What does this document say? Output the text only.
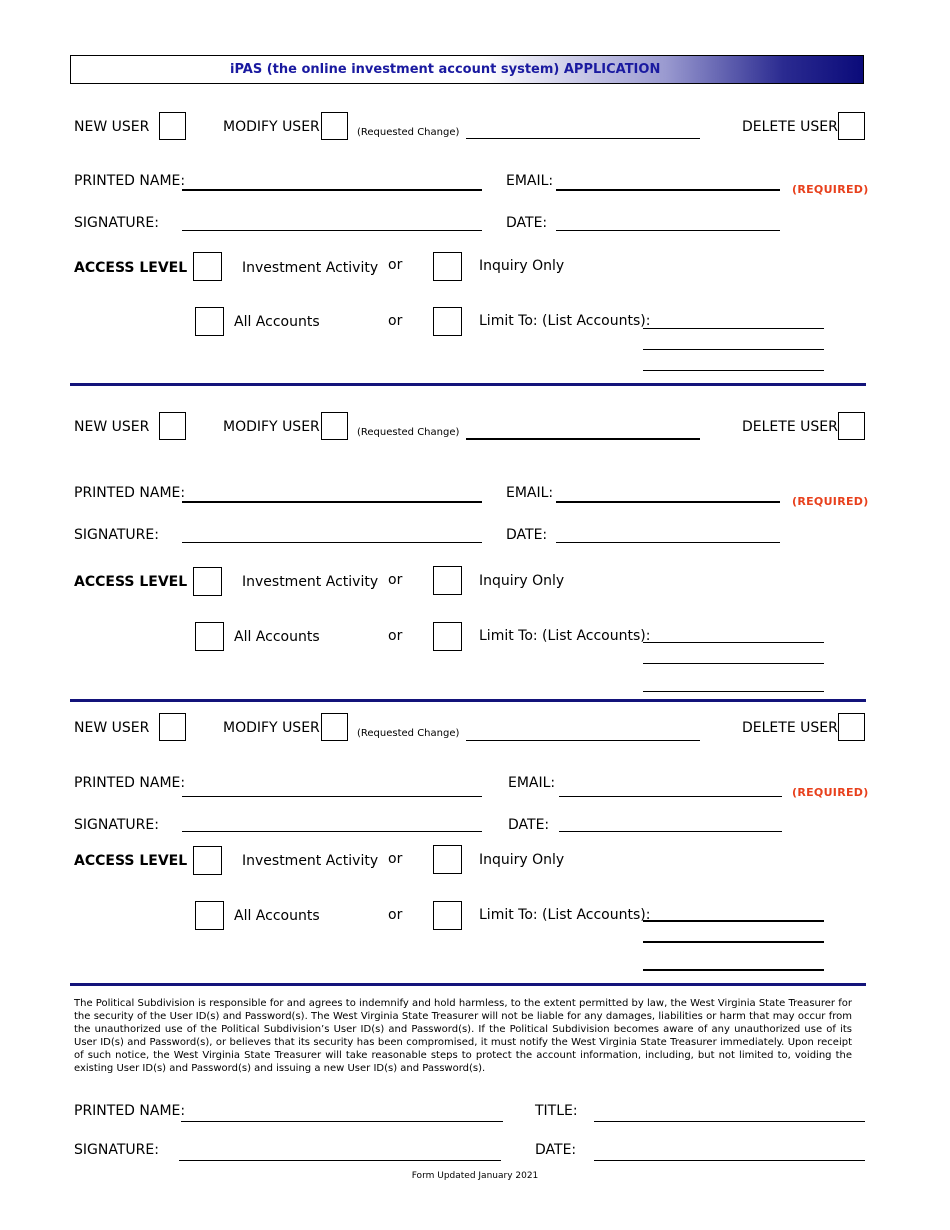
iPAS (the online investment account system) APPLICATION
NEW USER	MODIFY USER	(Requested Change)	DELETE USER
PRINTED NAME:	EMAIL:
(REQUIRED)
SIGNATURE:	DATE:
ACCESS LEVEL	Investment Activity or	Inquiry Only
All Accounts	or	Limit To: (List Accounts):
NEW USER	MODIFY USER	(Requested Change)	DELETE USER
PRINTED NAME:	EMAIL:
(REQUIRED)
SIGNATURE:	DATE:
ACCESS LEVEL	Investment Activity or	Inquiry Only
All Accounts	or	Limit To: (List Accounts):
NEW USER	MODIFY USER	(Requested Change)	DELETE USER
PRINTED NAME:	EMAIL:
(REQUIRED)
SIGNATURE:	DATE:
ACCESS LEVEL	Investment Activity or	Inquiry Only
All Accounts	or	Limit To: (List Accounts):
The Political Subdivision is responsible for and agrees to indemnify and hold harmless, to the extent permitted by law, the West Virginia State Treasurer for the security of the User ID(s) and Password(s). The West Virginia State Treasurer will not be liable for any damages, liabilities or harm that may occur from the unauthorized use of the Political Subdivision’s User ID(s) and Password(s). If the Political Subdivision becomes aware of any unauthorized use of its User ID(s) and Password(s), or believes that its security has been compromised, it must notify the West Virginia State Treasurer immediately. Upon receipt of such notice, the West Virginia State Treasurer will take reasonable steps to protect the account information, including, but not limited to, voiding the existing User ID(s) and Password(s) and issuing a new User ID(s) and Password(s).
PRINTED NAME:	TITLE:
SIGNATURE:	DATE:
Form Updated January 2021
